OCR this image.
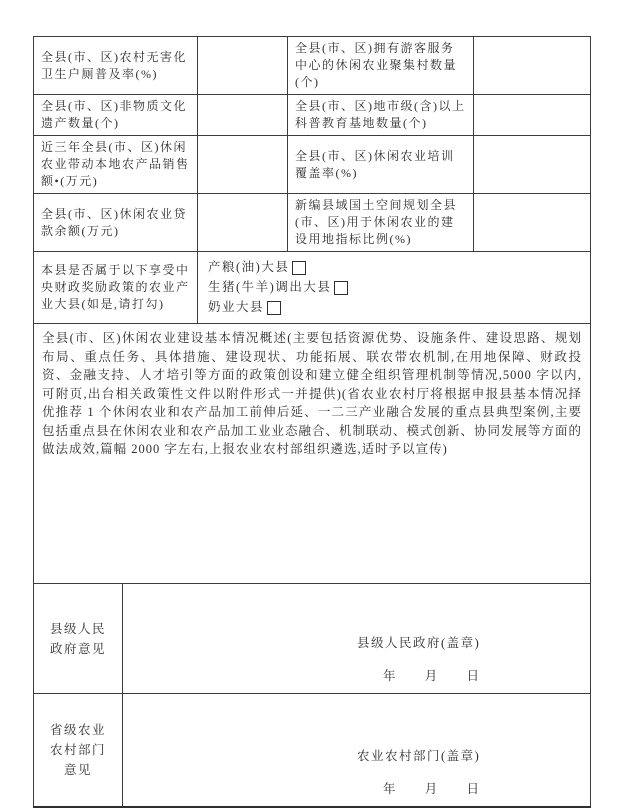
全县(市、区)农村无害化卫生户厕普及率(%)			全县(市、区)拥有游客服务中心的休闲农业聚集村数量(个)	
全县(市、区)非物质文化遗产数量(个)			全县(市、区)地市级(含)以上科普教育基地数量(个)	
近三年全县(市、区)休闲农业带动本地农产品销售额•(万元)			全县(市、区)休闲农业培训覆盖率(%)	
全县(市、区)休闲农业贷款余额(万元)			新编县域国土空间规划全县(市、区)用于休闲农业的建设用地指标比例(%)	
本县是否属于以下享受中央财政奖励政策的农业产业大县(如是,请打勾)		产粮(油)大县
生猪(牛羊)调出大县
奶业大县		

全县(市、区)休闲农业建设基本情况概述(主要包括资源优势、设施条件、建设思路、规划布局、重点任务、具体措施、建设现状、功能拓展、联农带农机制,在用地保障、财政投资、金融支持、人才培引等方面的政策创设和建立健全组织管理机制等情况,5000 字以内,可附页,出台相关政策性文件以附件形式一并提供)(省农业农村厅将根据申报县基本情况择优推荐 1 个休闲农业和农产品加工前伸后延、一二三产业融合发展的重点县典型案例,主要包括重点县在休闲农业和农产品加工业业态融合、机制联动、模式创新、协同发展等方面的做法成效,篇幅 2000 字左右,上报农业农村部组织遴选,适时予以宣传)				

县级人民政府意见	县级人民政府(盖章)
年      月      日			

省级农业农村部门意见	农业农村部门(盖章)
年      月      日			
